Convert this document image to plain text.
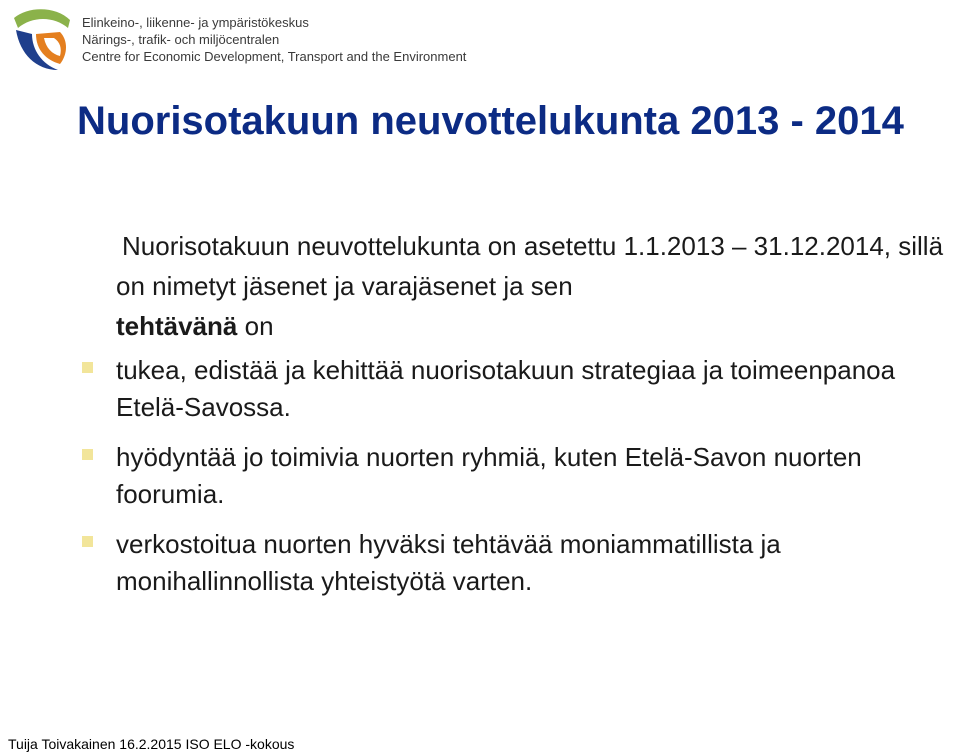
Elinkeino-, liikenne- ja ympäristökeskus
Närings-, trafik- och miljöcentralen
Centre for Economic Development, Transport and the Environment
Nuorisotakuun neuvottelukunta 2013 - 2014

Nuorisotakuun neuvottelukunta on asetettu 1.1.2013 – 31.12.2014, sillä on nimetyt jäsenet ja varajäsenet ja sen tehtävänä on

tukea, edistää ja kehittää nuorisotakuun strategiaa ja toimeenpanoa Etelä-Savossa.
hyödyntää jo toimivia nuorten ryhmiä, kuten Etelä-Savon nuorten foorumia.
verkostoitua nuorten hyväksi tehtävää moniammatillista ja monihallinnollista yhteistyötä varten.
Tuija Toivakainen 16.2.2015 ISO ELO -kokous
